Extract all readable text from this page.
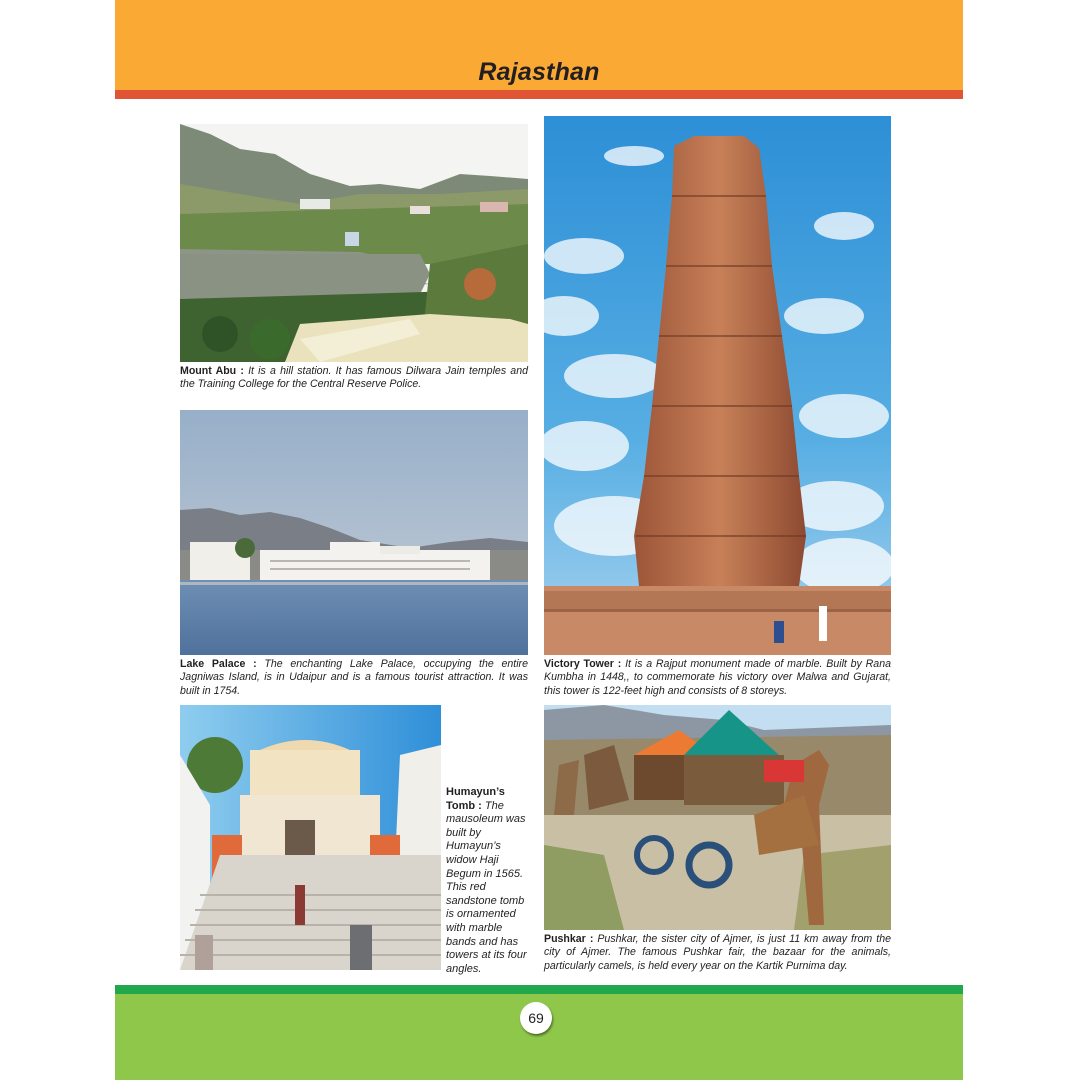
Rajasthan
Mount Abu : It is a hill station. It has famous Dilwara Jain temples and the Training College for the Central Reserve Police.
Lake Palace : The enchanting Lake Palace, occupying the entire Jagniwas Island, is in Udaipur and is a famous tourist attraction. It was built in 1754.
Victory Tower : It is a Rajput monument made of marble. Built by Rana Kumbha in 1448,, to commemorate his victory over Malwa and Gujarat, this tower is 122-feet high and consists of 8 storeys.
Humayun’s Tomb : The mausoleum was built by Humayun’s widow Haji Begum in 1565. This red sandstone tomb is ornamented with marble bands and has towers at its four angles.
Pushkar : Pushkar, the sister city of Ajmer, is just 11 km away from the city of Ajmer. The famous Pushkar fair, the bazaar for the animals, particularly camels, is held every year on the Kartik Purnima day.
69
